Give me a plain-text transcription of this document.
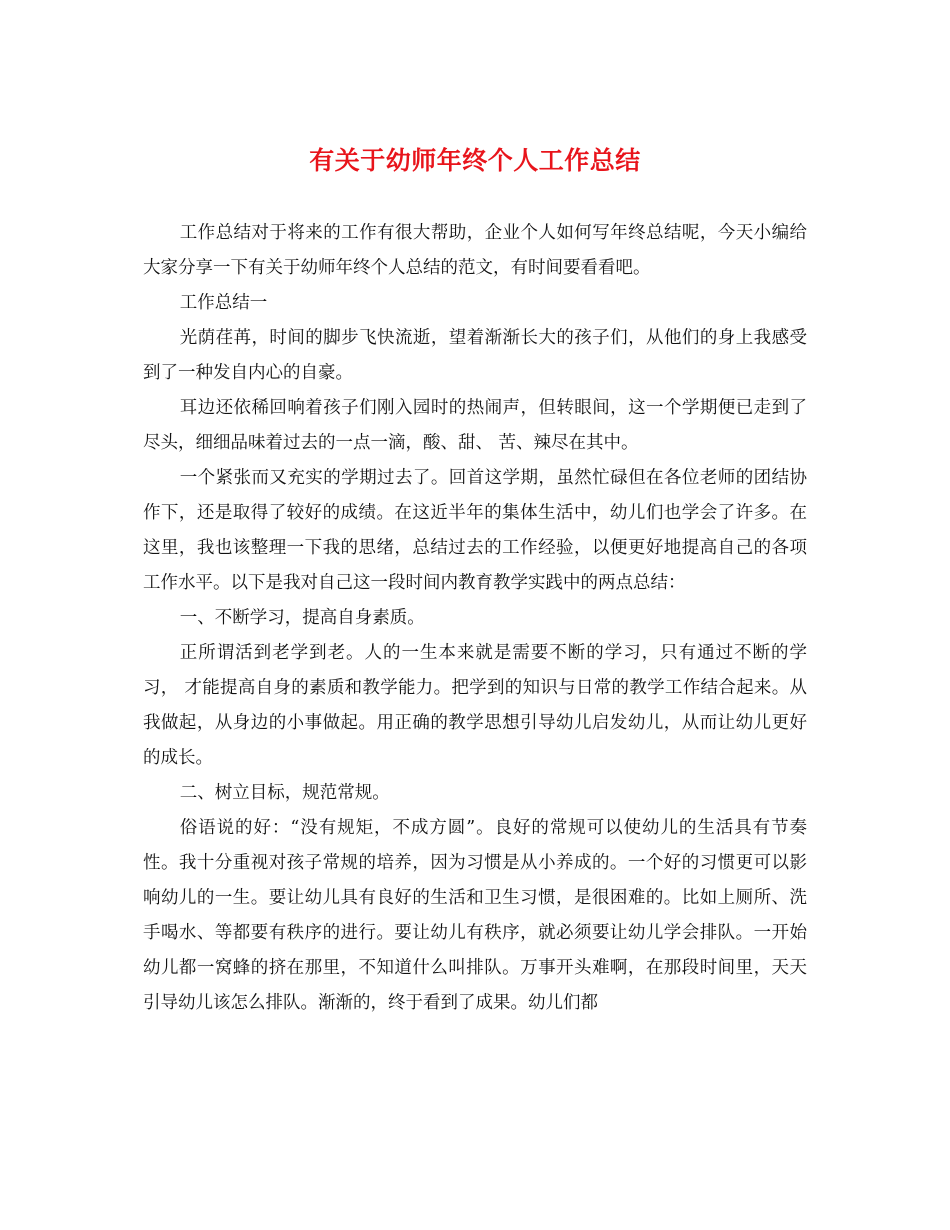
有关于幼师年终个人工作总结

工作总结对于将来的工作有很大帮助，企业个人如何写年终总结呢，今天小编给大家分享一下有关于幼师年终个人总结的范文，有时间要看看吧。

工作总结一

光荫荏苒，时间的脚步飞快流逝，望着渐渐长大的孩子们，从他们的身上我感受到了一种发自内心的自豪。

耳边还依稀回响着孩子们刚入园时的热闹声，但转眼间，这一个学期便已走到了尽头，细细品味着过去的一点一滴，酸、甜、 苦、辣尽在其中。

一个紧张而又充实的学期过去了。回首这学期，虽然忙碌但在各位老师的团结协作下，还是取得了较好的成绩。在这近半年的集体生活中，幼儿们也学会了许多。在这里，我也该整理一下我的思绪，总结过去的工作经验，以便更好地提高自己的各项工作水平。以下是我对自己这一段时间内教育教学实践中的两点总结：

一、不断学习，提高自身素质。

正所谓活到老学到老。人的一生本来就是需要不断的学习，只有通过不断的学习， 才能提高自身的素质和教学能力。把学到的知识与日常的教学工作结合起来。从我做起，从身边的小事做起。用正确的教学思想引导幼儿启发幼儿，从而让幼儿更好的成长。

二、树立目标，规范常规。

俗语说的好：“没有规矩，不成方圆”。良好的常规可以使幼儿的生活具有节奏性。我十分重视对孩子常规的培养，因为习惯是从小养成的。一个好的习惯更可以影响幼儿的一生。要让幼儿具有良好的生活和卫生习惯，是很困难的。比如上厕所、洗手喝水、等都要有秩序的进行。要让幼儿有秩序，就必须要让幼儿学会排队。一开始幼儿都一窝蜂的挤在那里，不知道什么叫排队。万事开头难啊，在那段时间里，天天引导幼儿该怎么排队。渐渐的，终于看到了成果。幼儿们都
